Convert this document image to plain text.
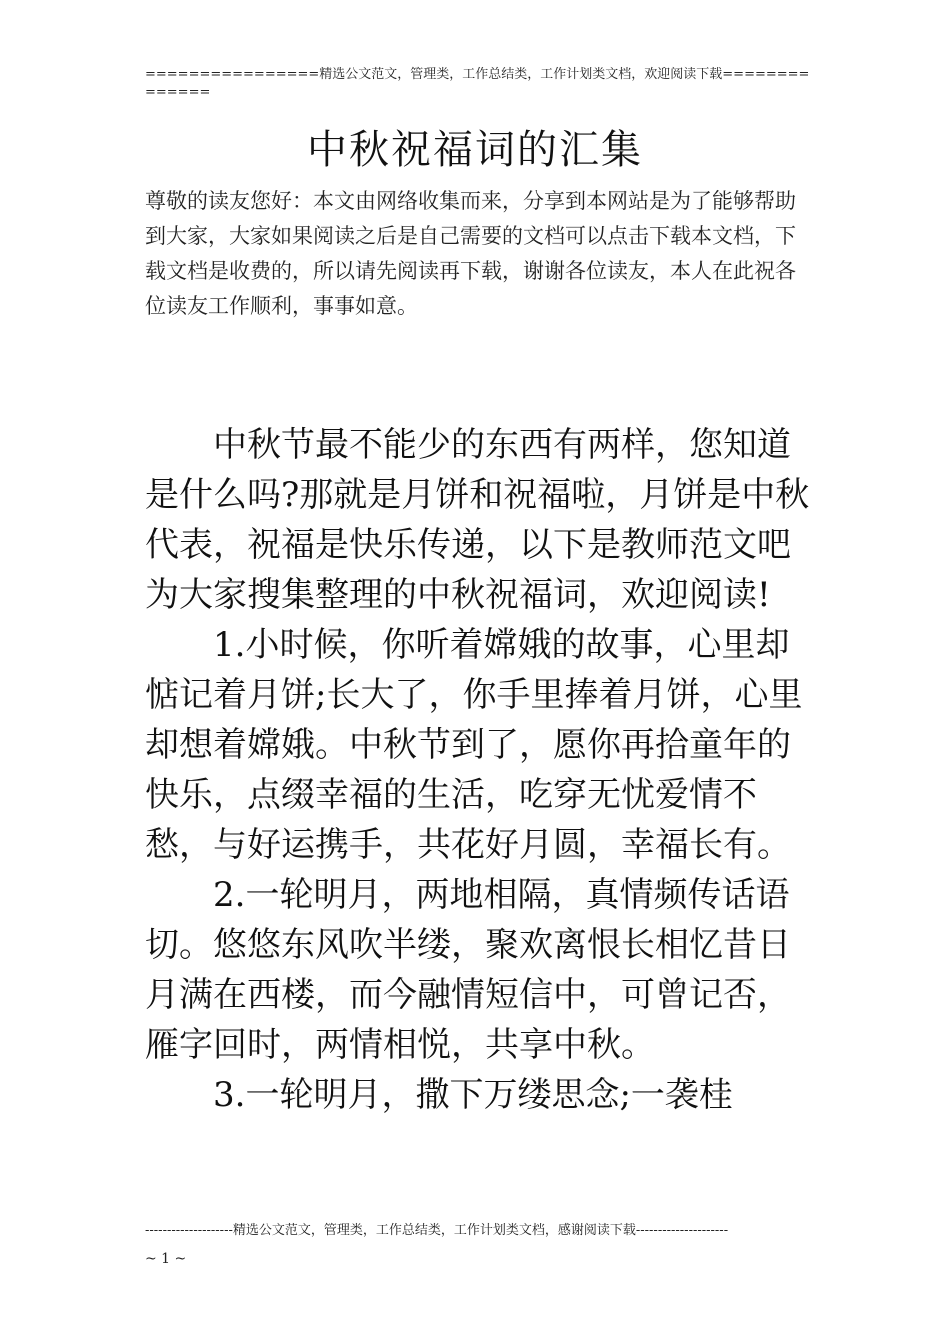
================精选公文范文，管理类，工作总结类，工作计划类文档，欢迎阅读下载==============
中秋祝福词的汇集
尊敬的读友您好：本文由网络收集而来，分享到本网站是为了能够帮助到大家，大家如果阅读之后是自己需要的文档可以点击下载本文档，下载文档是收费的，所以请先阅读再下载，谢谢各位读友，本人在此祝各位读友工作顺利，事事如意。

中秋节最不能少的东西有两样，您知道是什么吗?那就是月饼和祝福啦，月饼是中秋代表，祝福是快乐传递，以下是教师范文吧为大家搜集整理的中秋祝福词，欢迎阅读!

1.小时候，你听着嫦娥的故事，心里却惦记着月饼;长大了，你手里捧着月饼，心里却想着嫦娥。中秋节到了，愿你再拾童年的快乐，点缀幸福的生活，吃穿无忧爱情不愁，与好运携手，共花好月圆，幸福长有。

2.一轮明月，两地相隔，真情频传话语切。悠悠东风吹半缕，聚欢离恨长相忆昔日月满在西楼，而今融情短信中，可曾记否，雁字回时，两情相悦，共享中秋。

3.一轮明月，撒下万缕思念;一袭桂

--------------------精选公文范文，管理类，工作总结类，工作计划类文档，感谢阅读下载---------------------
~ 1 ~
